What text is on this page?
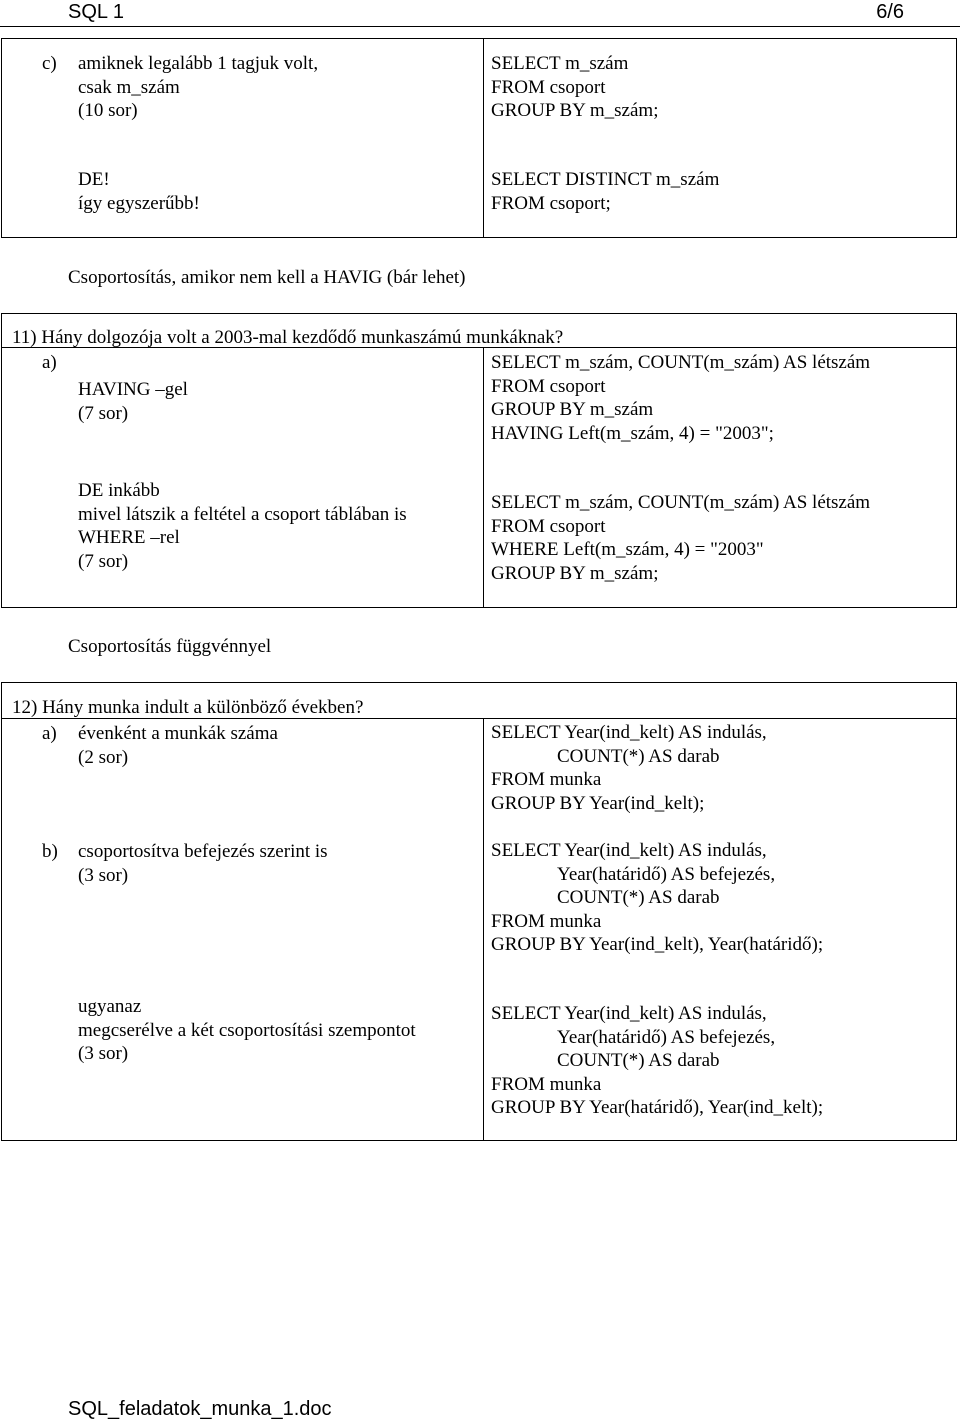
SQL 1	6/6
c) amiknek legalább 1 tagjuk volt,
csak m_szám
(10 sor)
DE!
így egyszerűbb!
SELECT m_szám
FROM csoport
GROUP BY m_szám;
SELECT DISTINCT m_szám
FROM csoport;
Csoportosítás, amikor nem kell a HAVIG (bár lehet)
11) Hány dolgozója volt a 2003-mal kezdődő munkaszámú munkáknak?
a)
HAVING –gel
(7 sor)
SELECT m_szám, COUNT(m_szám) AS létszám
FROM csoport
GROUP BY m_szám
HAVING Left(m_szám, 4) = "2003";
DE inkább
mivel látszik a feltétel a csoport táblában is
WHERE –rel
(7 sor)
SELECT m_szám, COUNT(m_szám) AS létszám
FROM csoport
WHERE Left(m_szám, 4) = "2003"
GROUP BY m_szám;
Csoportosítás függvénnyel
12) Hány munka indult a különböző években?
a) évenként a munkák száma
(2 sor)
SELECT Year(ind_kelt) AS indulás,
COUNT(*) AS darab
FROM munka
GROUP BY Year(ind_kelt);
b) csoportosítva befejezés szerint is
(3 sor)
SELECT Year(ind_kelt) AS indulás,
Year(határidő) AS befejezés,
COUNT(*) AS darab
FROM munka
GROUP BY Year(ind_kelt), Year(határidő);
ugyanaz
megcserélve a két csoportosítási szempontot
(3 sor)
SELECT Year(ind_kelt) AS indulás,
Year(határidő) AS befejezés,
COUNT(*) AS darab
FROM munka
GROUP BY Year(határidő), Year(ind_kelt);
SQL_feladatok_munka_1.doc
